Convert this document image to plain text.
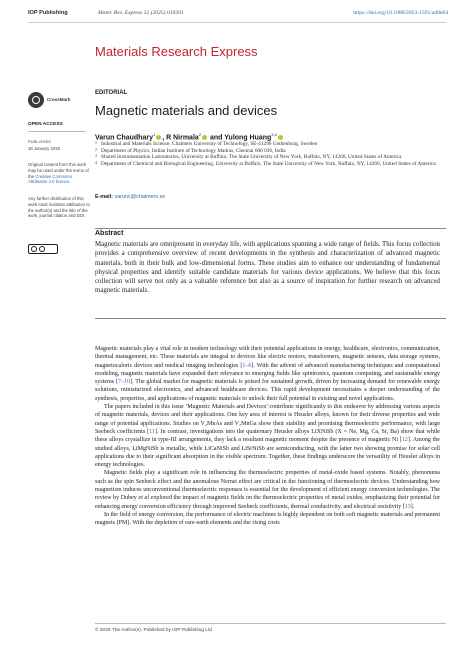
IOP Publishing	Mater. Res. Express 12 (2025) 010201	https://doi.org/10.1088/2053-1591/ad9e84
Materials Research Express
CrossMark
OPEN ACCESS
PUBLISHED
16 January 2025
Original content from this work may be used under the terms of the Creative Commons Attribution 4.0 licence.
Any further distribution of this work must maintain attribution to the author(s) and the title of the work, journal citation and DOI.
EDITORIAL
Magnetic materials and devices
Varun Chaudhary$^1$ , R Nirmala$^2$ and Yulong Huang$^{3,4}$
1 Industrial and Materials Science, Chalmers University of Technology, SE-41296 Gothenburg, Sweden
2 Department of Physics, Indian Institute of Technology Madras, Chennai 600 036, India
3 Shared Instrumentation Laboratories, University at Buffalo, The State University of New York, Buffalo, NY, 14260, United States of America
4 Department of Chemical and Biological Engineering, University at Buffalo, The State University of New York, Buffalo, NY, 14260, United States of America
E-mail: varunc@chalmers.se
Abstract
Magnetic materials are omnipresent in everyday life, with applications spanning a wide range of fields. This focus collection provides a comprehensive overview of recent developments in the synthesis and characterization of advanced magnetic materials, both in their bulk and low-dimensional forms. These studies aim to enhance our understanding of fundamental physical properties and identify suitable candidate materials for various device applications. We believe that this focus collection will serve not only as a valuable reference but also as a source of inspiration for further research on advanced magnetic materials.

Magnetic materials play a vital role in modern technology with their potential applications in energy, healthcare, electronics, communication, thermal management, etc. These materials are integral to devices like electric motors, transformers, magnetic sensors, data storage systems, magnetocaloric devices and medical imaging technologies [1–6]. With the advent of advanced manufacturing techniques and computational modeling, magnetic materials have expanded their relevance to emerging fields like spintronics, quantum computing, and sustainable energy systems [7–10]. The global market for magnetic materials is poised for sustained growth, driven by increasing demand for renewable energy solutions, miniaturized electronics, and advanced healthcare devices. This rapid development necessitates a deeper understanding of the synthesis, properties, and applications of magnetic materials to unlock their full potential in existing and novel applications.

The papers included in this issue ‘Magnetic Materials and Devices’ contribute significantly to this endeavor by addressing various aspects of magnetic materials, devices and their applications. One key area of interest is Heusler alloys, known for their diverse properties and wide range of potential applications. Studies on V₂MnAs and V₂MnGa show their stability and promising thermoelectric performance, with large Seebeck coefficients [11]. In contrast, investigations into the quaternary Heusler alloys LiXNiSb (X = Ne, Mg, Ca, Sr, Ba) show that while these alloys crystallize in type-III arrangements, they lack a resultant magnetic moment despite the presence of magnetic Ni [12]. Among the studied alloys, LiMgNiSb is metallic, while LiCaNiSb and LiSrNiSb are semiconducting, with the latter two showing promise for solar cell applications due to their significant absorption in the visible spectrum. Together, these findings underscore the versatility of Heusler alloys in energy technologies.

Magnetic fields play a significant role in influencing the thermoelectric properties of metal-oxide based systems. Notably, phenomena such as the spin Seebeck effect and the anomalous Nernst effect are critical in the functioning of thermoelectric devices. Understanding how magnetism induces unconventional thermoelectric responses is essential for the development of efficient energy conversion technologies. The review by Dubey et al explored the impact of magnetic fields on the thermoelectric properties of metal oxides, emphasizing their potential for enhancing energy conversion efficiency through improved Seebeck coefficients, thermal conductivity, and electrical resistivity [13].

In the field of energy conversion, the performance of electric machines is highly dependent on both soft magnetic materials and permanent magnets (PM). With the depletion of rare-earth elements and the rising costs

© 2025 The Author(s). Published by IOP Publishing Ltd
